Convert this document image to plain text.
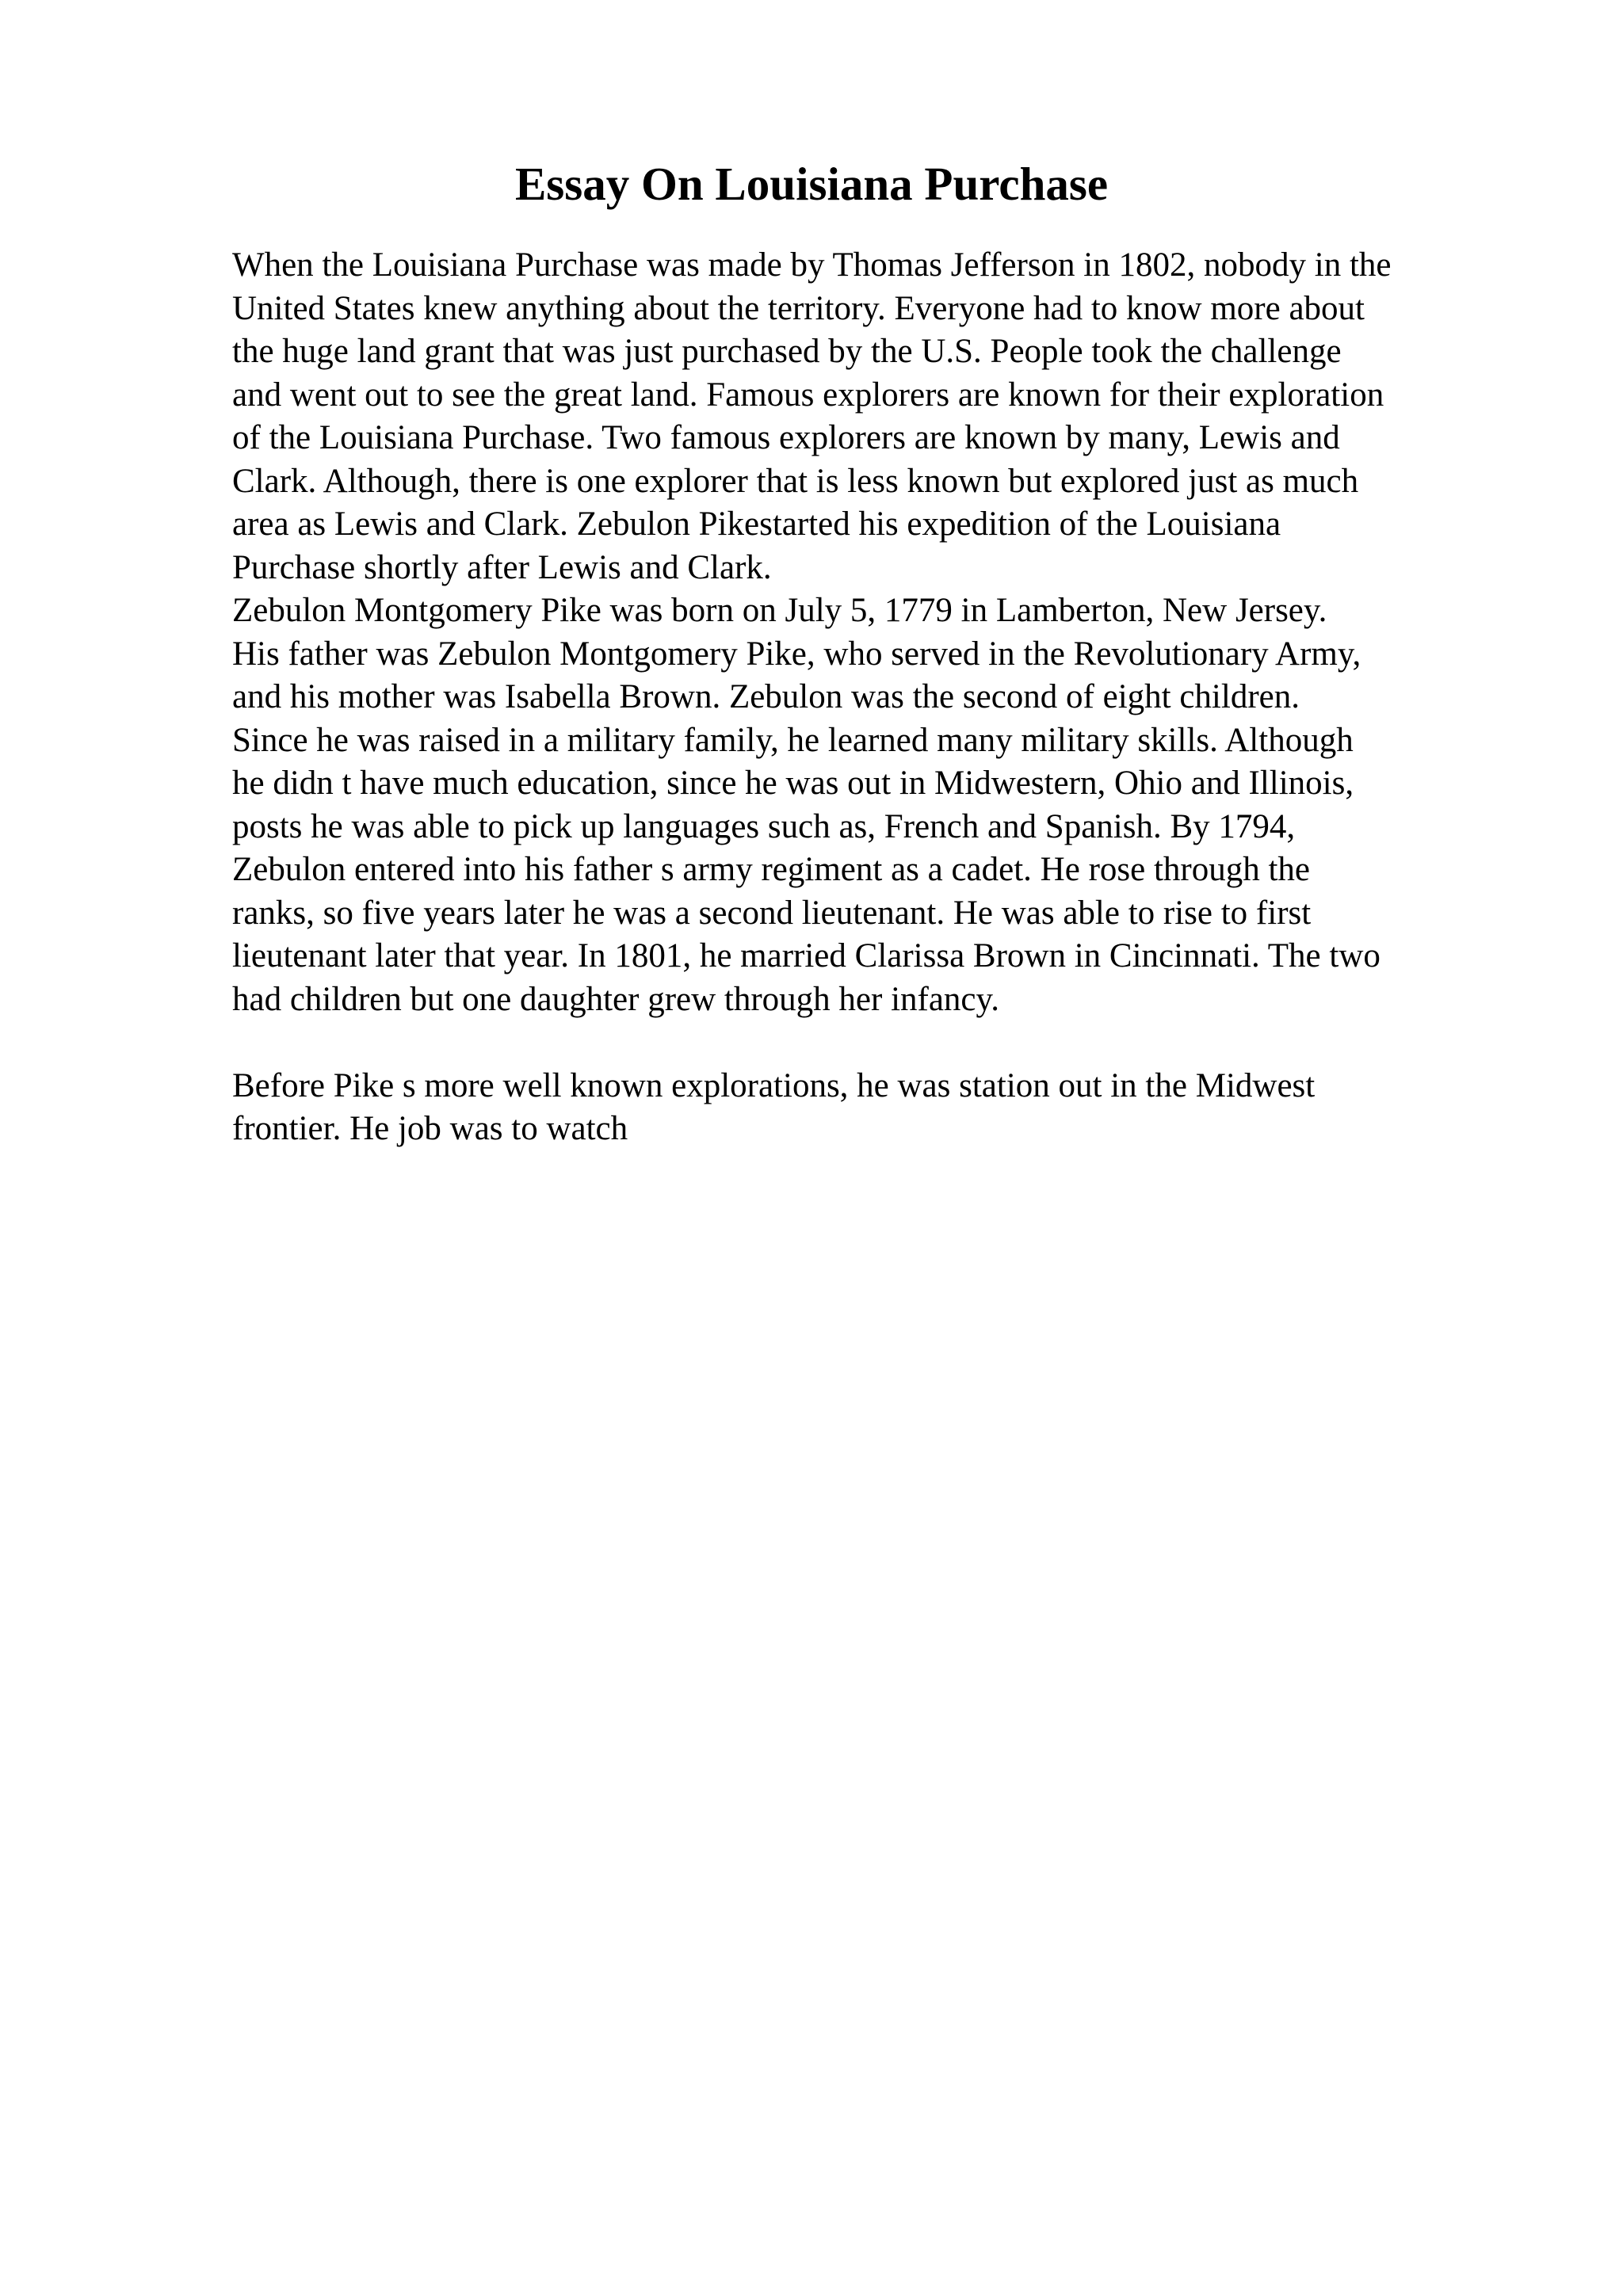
Essay On Louisiana Purchase
When the Louisiana Purchase was made by Thomas Jefferson in 1802, nobody in the
United States knew anything about the territory. Everyone had to know more about
the huge land grant that was just purchased by the U.S. People took the challenge
and went out to see the great land. Famous explorers are known for their exploration
of the Louisiana Purchase. Two famous explorers are known by many, Lewis and
Clark. Although, there is one explorer that is less known but explored just as much
area as Lewis and Clark. Zebulon Pikestarted his expedition of the Louisiana
Purchase shortly after Lewis and Clark.
Zebulon Montgomery Pike was born on July 5, 1779 in Lamberton, New Jersey.
His father was Zebulon Montgomery Pike, who served in the Revolutionary Army,
and his mother was Isabella Brown. Zebulon was the second of eight children.
Since he was raised in a military family, he learned many military skills. Although
he didn t have much education, since he was out in Midwestern, Ohio and Illinois,
posts he was able to pick up languages such as, French and Spanish. By 1794,
Zebulon entered into his father s army regiment as a cadet. He rose through the
ranks, so five years later he was a second lieutenant. He was able to rise to first
lieutenant later that year. In 1801, he married Clarissa Brown in Cincinnati. The two
had children but one daughter grew through her infancy.
Before Pike s more well known explorations, he was station out in the Midwest
frontier. He job was to watch
